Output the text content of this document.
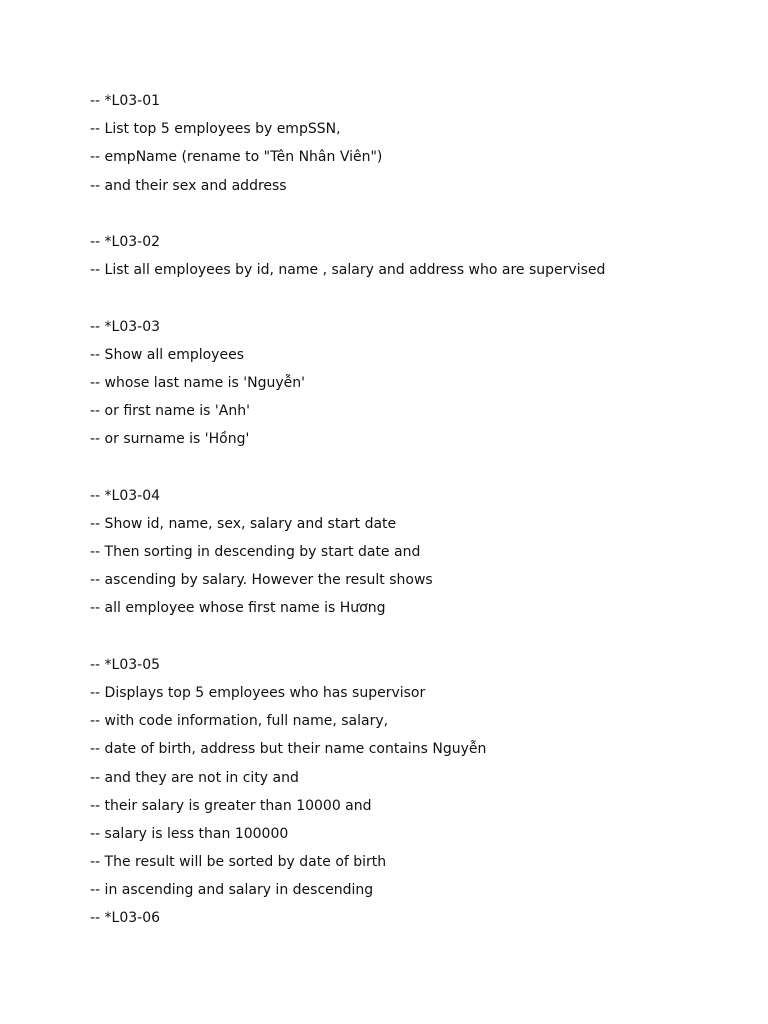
-- *L03-01
-- List top 5 employees by empSSN,
-- empName (rename to "Tên Nhân Viên")
-- and their sex and address
-- *L03-02
-- List all employees by id, name , salary and address who are supervised
-- *L03-03
-- Show all employees
-- whose last name is 'Nguyễn'
-- or first name is 'Anh'
-- or surname is 'Hồng'
-- *L03-04
-- Show id, name, sex, salary and start date
-- Then sorting in descending by start date and
-- ascending by salary. However the result shows
-- all employee whose first name is Hương
-- *L03-05
-- Displays top 5 employees who has supervisor
-- with code information, full name, salary,
-- date of birth, address but their name contains Nguyễn
-- and they are not in city and
-- their salary is greater than 10000 and
-- salary is less than 100000
-- The result will be sorted by date of birth
-- in ascending and salary in descending
-- *L03-06
